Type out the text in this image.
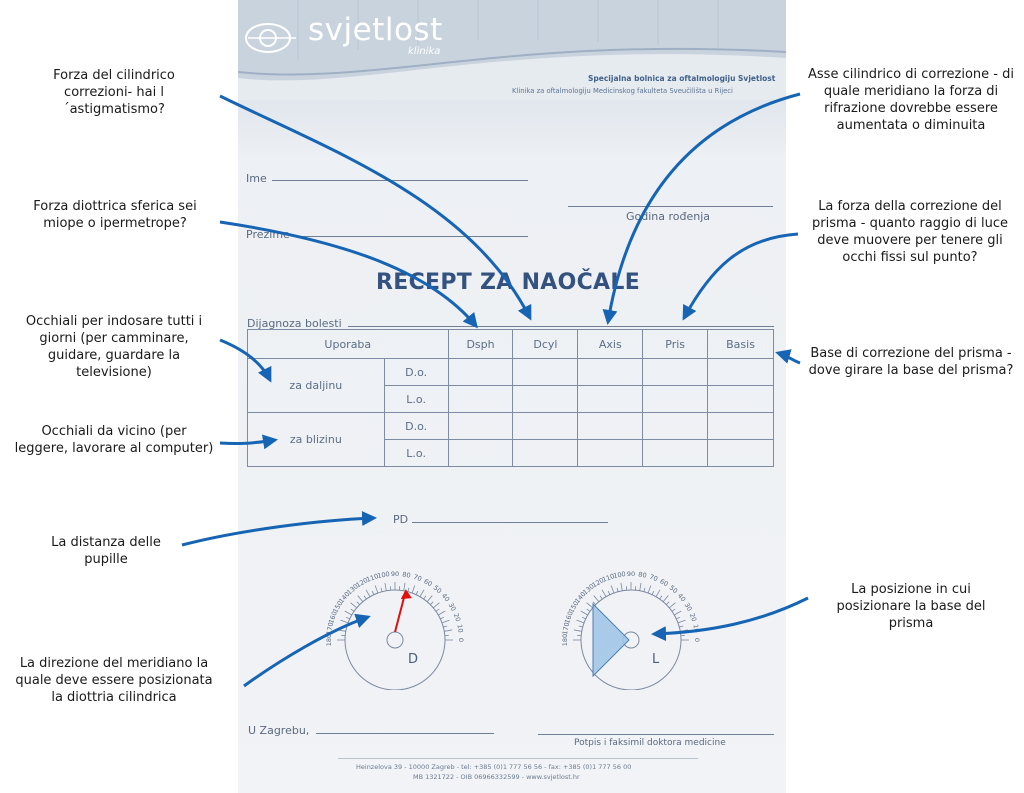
svjetlost
klinika
Specijalna bolnica za oftalmologiju Svjetlost
Klinika za oftalmologiju Medicinskog fakulteta Sveučilišta u Rijeci
Ime
Godina rođenja
Prezime
RECEPT ZA NAOČALE
Dijagnoza bolesti
Uporaba		Dsph	Dcyl	Axis	Pris	Basis
za daljinu	D.o.					
	L.o.					
za blizinu	D.o.					
	L.o.					
PD
180
170
160
150
140
130
120
110
100 90 80 70 60
50
40
30
20
10
0	180
170
160
150
140
130
120
110
100 90 80 70 60
50
40
30
20
10
0
D	L
U Zagrebu,
Potpis i faksimil doktora medicine
Heinzelova 39 - 10000 Zagreb - tel: +385 (0)1 777 56 56 - fax: +385 (0)1 777 56 00
MB 1321722 - OIB 06966332599 - www.svjetlost.hr
Forza del cilindrico correzioni- hai l´astigmatismo?
Forza diottrica sferica sei miope o ipermetrope?
Occhiali per indosare tutti i giorni (per camminare, guidare, guardare la televisione)
Occhiali da vicino (per leggere, lavorare al computer)
La distanza delle pupille
La direzione del meridiano la quale deve essere posizionata la diottria cilindrica
Asse cilindrico di correzione - di quale meridiano la forza di rifrazione dovrebbe essere aumentata o diminuita
La forza della correzione del prisma - quanto raggio di luce deve muovere per tenere gli occhi fissi sul punto?
Base di correzione del prisma - dove girare la base del prisma?
La posizione in cui posizionare la base del prisma
